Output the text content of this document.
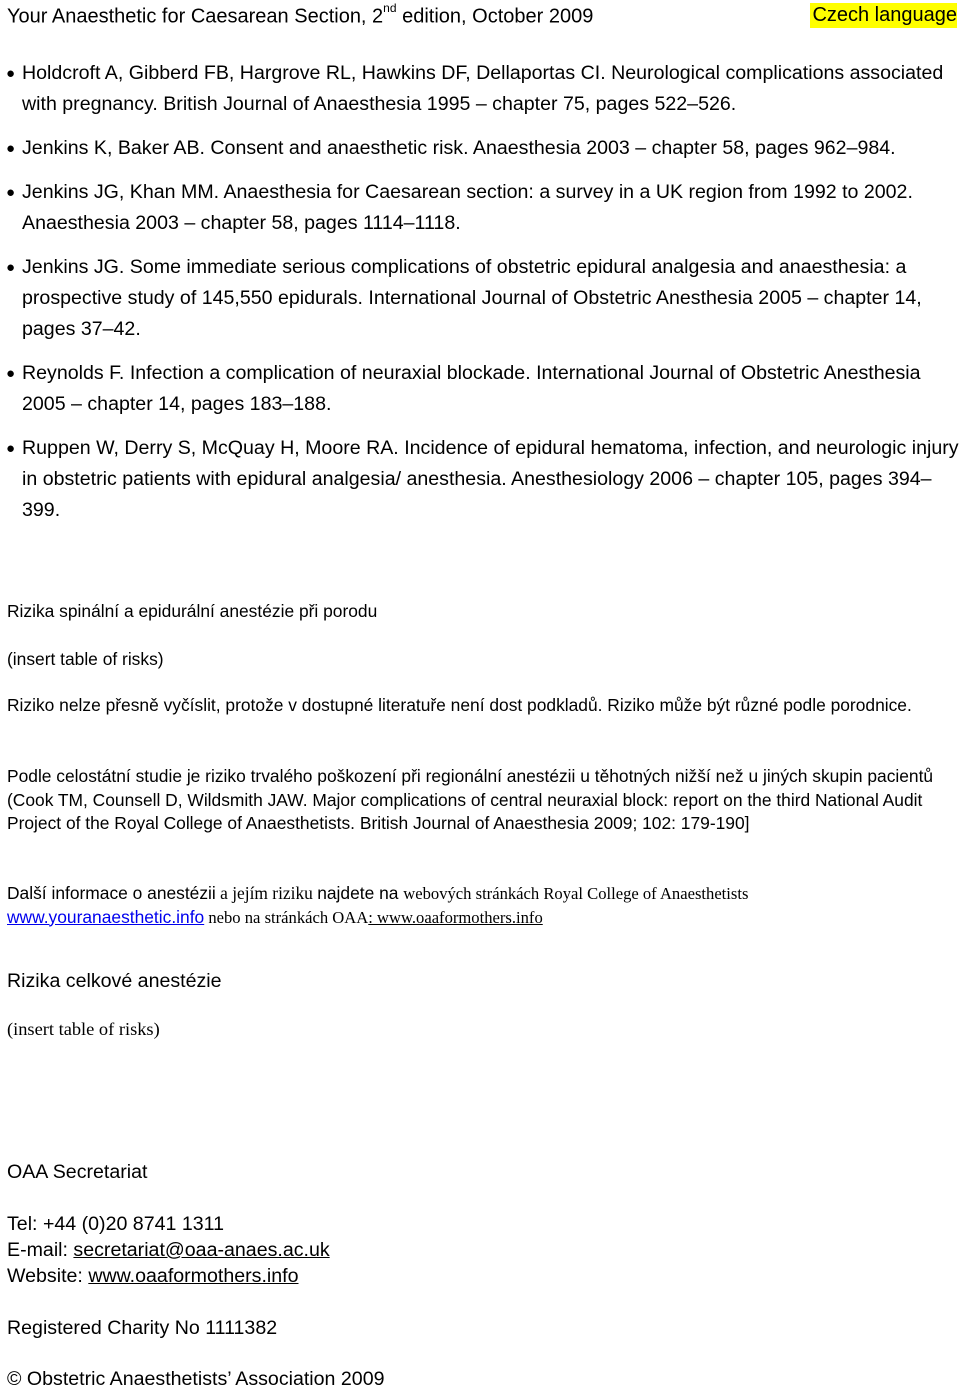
Your Anaesthetic for Caesarean Section, 2nd edition, October 2009	Czech language
● Holdcroft A, Gibberd FB, Hargrove RL, Hawkins DF, Dellaportas CI. Neurological complications associated with pregnancy. British Journal of Anaesthesia 1995 – chapter 75, pages 522–526.
● Jenkins K, Baker AB. Consent and anaesthetic risk. Anaesthesia 2003 – chapter 58, pages 962–984.
● Jenkins JG, Khan MM. Anaesthesia for Caesarean section: a survey in a UK region from 1992 to 2002. Anaesthesia 2003 – chapter 58, pages 1114–1118.
● Jenkins JG. Some immediate serious complications of obstetric epidural analgesia and anaesthesia: a prospective study of 145,550 epidurals. International Journal of Obstetric Anesthesia 2005 – chapter 14, pages 37–42.
● Reynolds F. Infection a complication of neuraxial blockade. International Journal of Obstetric Anesthesia 2005 – chapter 14, pages 183–188.
● Ruppen W, Derry S, McQuay H, Moore RA. Incidence of epidural hematoma, infection, and neurologic injury in obstetric patients with epidural analgesia/ anesthesia. Anesthesiology 2006 – chapter 105, pages 394–399.
Rizika spinální a epidurální anestézie při porodu
(insert table of risks)
Riziko nelze přesně vyčíslit, protože v dostupné literatuře není dost podkladů. Riziko může být různé podle porodnice.
Podle celostátní studie je riziko trvalého poškození při regionální anestézii u těhotných nižší než u jiných skupin pacientů (Cook TM, Counsell D, Wildsmith JAW. Major complications of central neuraxial block: report on the third National Audit Project of the Royal College of Anaesthetists. British Journal of Anaesthesia 2009; 102: 179-190]
Další informace o anestézii a jejím riziku najdete na webových stránkách Royal College of Anaesthetists
www.youranaesthetic.info nebo na stránkách OAA: www.oaaformothers.info
Rizika celkové anestézie
(insert table of risks)
OAA Secretariat
Tel: +44 (0)20 8741 1311
E-mail: secretariat@oaa-anaes.ac.uk
Website: www.oaaformothers.info
Registered Charity No 1111382
© Obstetric Anaesthetists’ Association 2009
